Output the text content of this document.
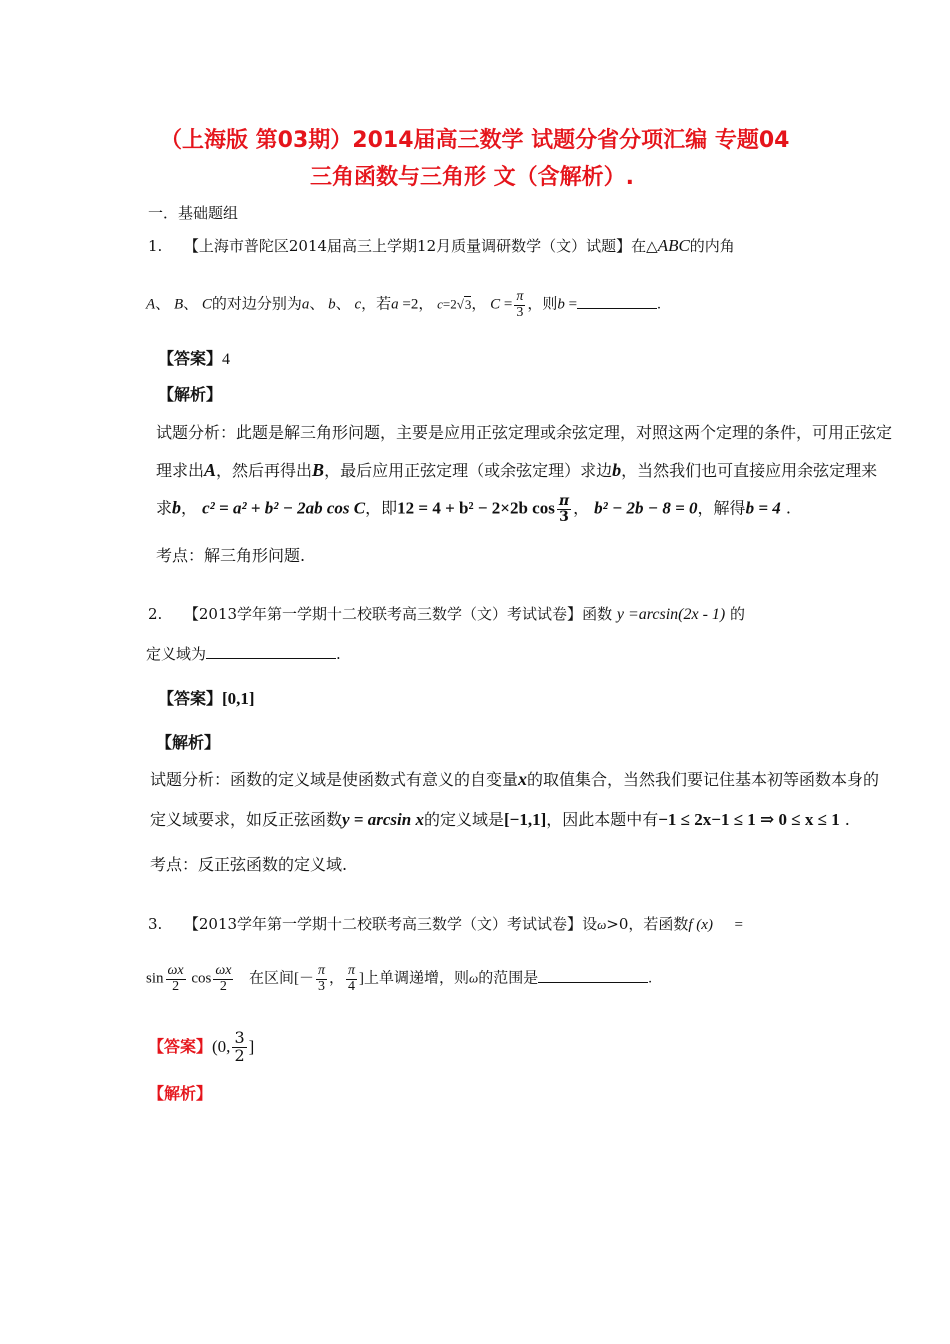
（上海版 第03期）2014届高三数学 试题分省分项汇编 专题04
三角函数与三角形 文（含解析）.
一．基础题组
1. 【上海市普陀区2014届高三上学期12月质量调研数学（文）试题】在△ABC的内角
A、 B、 C的对边分别为a、 b、 c，若a =2， c=2√3， $C = \frac{\pi}{3}$ ，则b =	.
【答案】4
【解析】
试题分析：此题是解三角形问题，主要是应用正弦定理或余弦定理，对照这两个定理的条件，可用正弦定
理求出A，然后再得出B，最后应用正弦定理（或余弦定理）求边b，当然我们也可直接应用余弦定理来
求b， c² = a² + b² − 2ab cos C，即12 = 4 + b² − 2×2b $\cos \frac{\pi}{3}$ ， b² − 2b − 8 = 0，解得b = 4 .
考点：解三角形问题.
2. 【2013学年第一学期十二校联考高三数学（文）考试试卷】函数 y =arcsin(2x - 1) 的
定义域为	.
【答案】[0,1]
【解析】
试题分析：函数的定义域是使函数式有意义的自变量x的取值集合，当然我们要记住基本初等函数本身的
定义域要求，如反正弦函数y = arcsin x的定义域是[−1,1]，因此本题中有−1 ≤ 2x−1 ≤ 1 ⇒ 0 ≤ x ≤ 1 .
考点：反正弦函数的定义域.
3. 【2013学年第一学期十二校联考高三数学（文）考试试卷】设ω>0，若函数f (x) =
$\sin \frac{\omega x}{2}$ $\cos \frac{\omega x}{2}$ 在区间[－ $\frac{\pi}{3}$ ， $\frac{\pi}{4}$ ]上单调递增，则ω的范围是	.
【答案】(0, $\frac{3}{2}$ ]
【解析】
